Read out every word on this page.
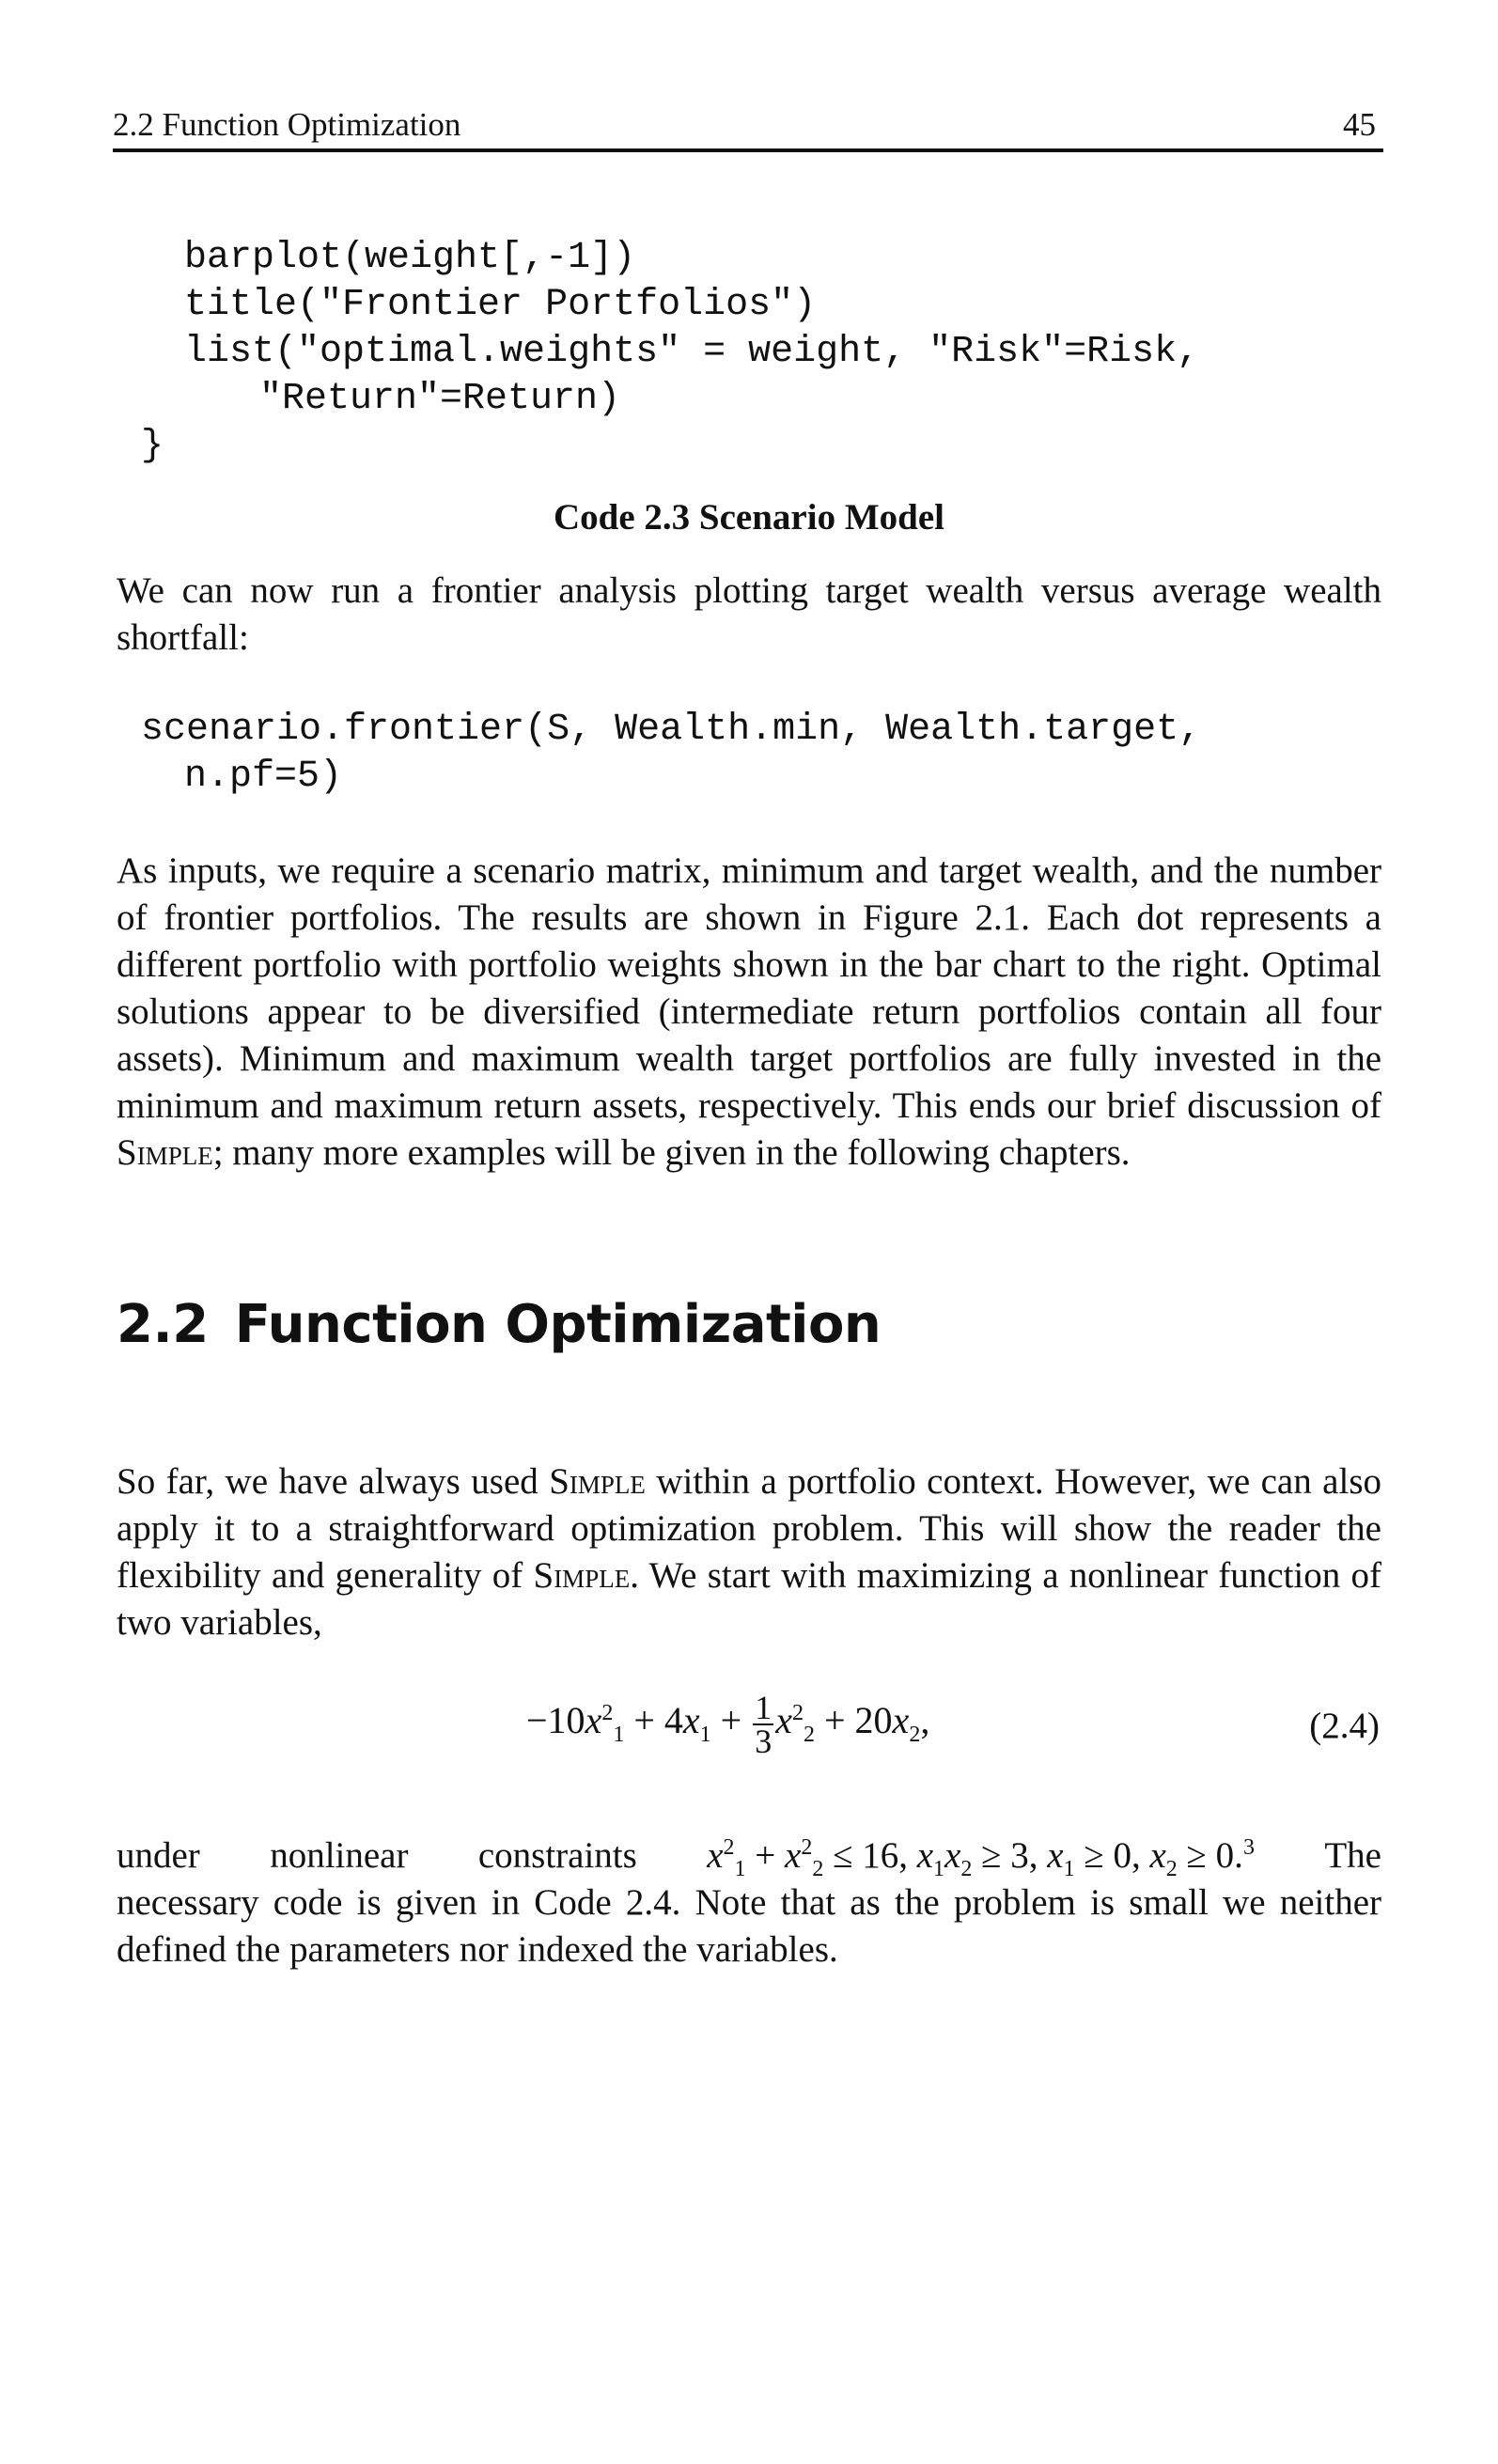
2.2 Function Optimization	45
barplot(weight[,-1])
title("Frontier Portfolios")
list("optimal.weights" = weight, "Risk"=Risk,
"Return"=Return)
}
Code 2.3 Scenario Model

We can now run a frontier analysis plotting target wealth versus average wealth shortfall:

scenario.frontier(S, Wealth.min, Wealth.target,
n.pf=5)

As inputs, we require a scenario matrix, minimum and target wealth, and the number of frontier portfolios. The results are shown in Figure 2.1. Each dot represents a different portfolio with portfolio weights shown in the bar chart to the right. Optimal solutions appear to be diversified (intermediate return portfolios contain all four assets). Minimum and maximum wealth target portfolios are fully invested in the minimum and maximum return assets, respectively. This ends our brief discussion of Simple; many more examples will be given in the following chapters.

2.2 Function Optimization

So far, we have always used Simple within a portfolio context. However, we can also apply it to a straightforward optimization problem. This will show the reader the flexibility and generality of Simple. We start with maximizing a nonlinear function of two variables,

$-10x^2_1 + 4x_1 + \frac{1}{3} x^2_2 + 20x_2$,	(2.4)
under nonlinear constraints $x^2_1 + x^2_2 \le 16$, $x_1x_2 \ge 3$, $x_1 \ge 0$, $x_2 \ge 0.^3$ The

necessary code is given in Code 2.4. Note that as the problem is small we neither defined the parameters nor indexed the variables.
